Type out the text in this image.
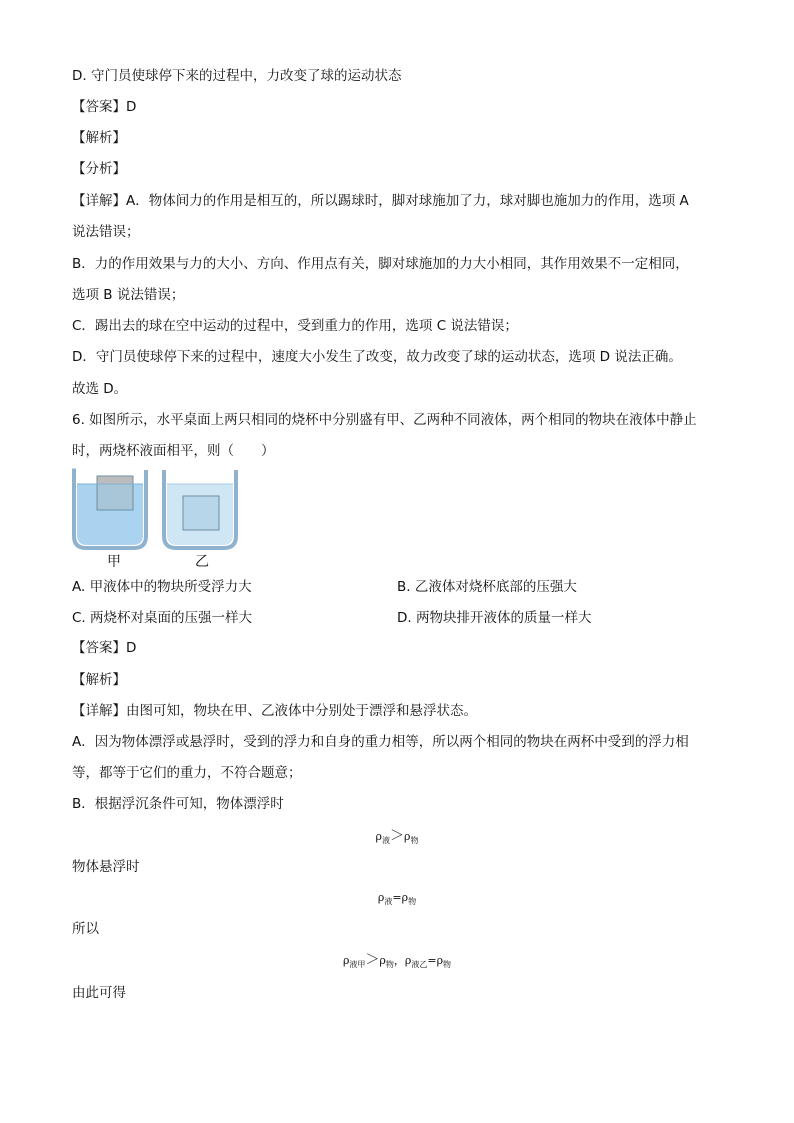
D. 守门员使球停下来的过程中，力改变了球的运动状态
【答案】D
【解析】
【分析】
【详解】A．物体间力的作用是相互的，所以踢球时，脚对球施加了力，球对脚也施加力的作用，选项 A
说法错误；
B．力的作用效果与力的大小、方向、作用点有关，脚对球施加的力大小相同，其作用效果不一定相同，
选项 B 说法错误；
C．踢出去的球在空中运动的过程中，受到重力的作用，选项 C 说法错误；
D．守门员使球停下来的过程中，速度大小发生了改变，故力改变了球的运动状态，选项 D 说法正确。
故选 D。
6. 如图所示，水平桌面上两只相同的烧杯中分别盛有甲、乙两种不同液体，两个相同的物块在液体中静止
时，两烧杯液面相平，则（　　）
甲	乙
A. 甲液体中的物块所受浮力大	B. 乙液体对烧杯底部的压强大
C. 两烧杯对桌面的压强一样大	D. 两物块排开液体的质量一样大
【答案】D
【解析】
【详解】由图可知，物块在甲、乙液体中分别处于漂浮和悬浮状态。
A．因为物体漂浮或悬浮时，受到的浮力和自身的重力相等，所以两个相同的物块在两杯中受到的浮力相
等，都等于它们的重力，不符合题意；
B．根据浮沉条件可知，物体漂浮时
$\rho_液>\rho_物$
物体悬浮时
$\rho_液=\rho_物$
所以
$\rho_{液甲}>\rho_物$，$\rho_{液乙}=\rho_物$
由此可得
